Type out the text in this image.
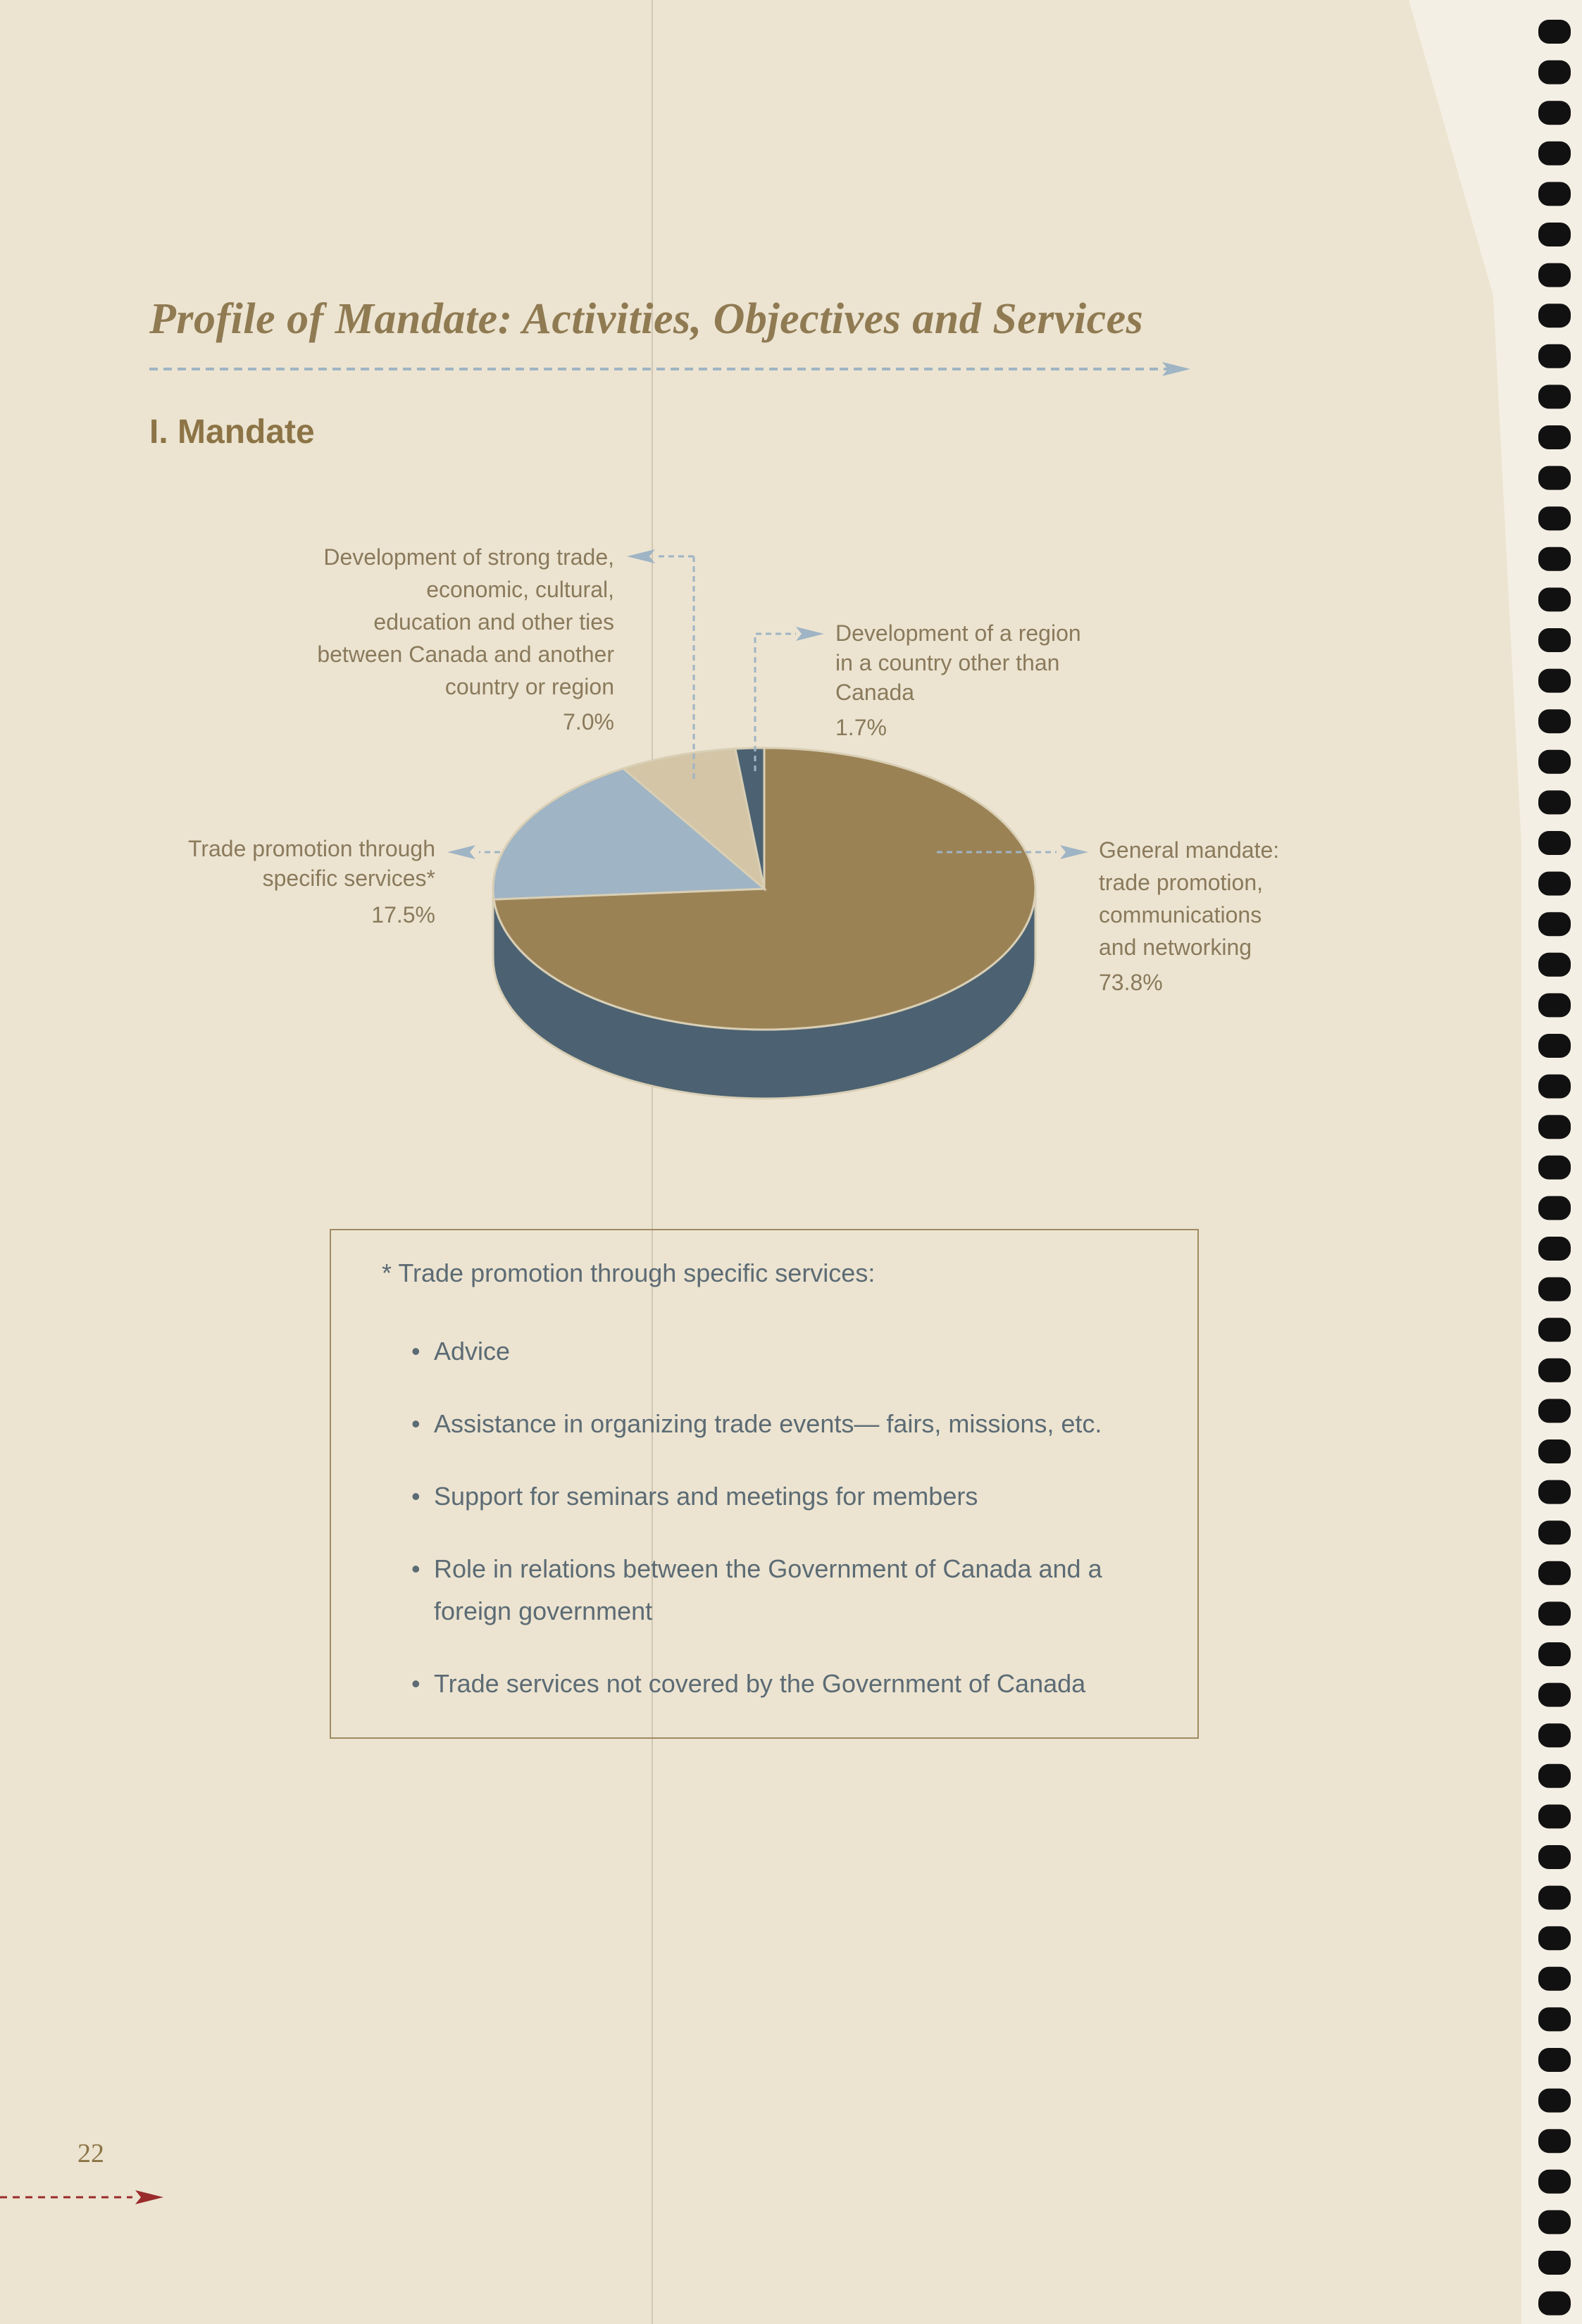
Profile of Mandate: Activities, Objectives and Services
I. Mandate
Development of strong trade,
economic, cultural,
education and other ties
between Canada and another
country or region
7.0%
Development of a region
in a country other than
Canada
1.7%
Trade promotion through
specific services*
17.5%
General mandate:
trade promotion,
communications
and networking
73.8%
* Trade promotion through specific services:
• Advice
• Assistance in organizing trade events— fairs, missions, etc.
• Support for seminars and meetings for members
• Role in relations between the Government of Canada and a foreign government
• Trade services not covered by the Government of Canada
22
